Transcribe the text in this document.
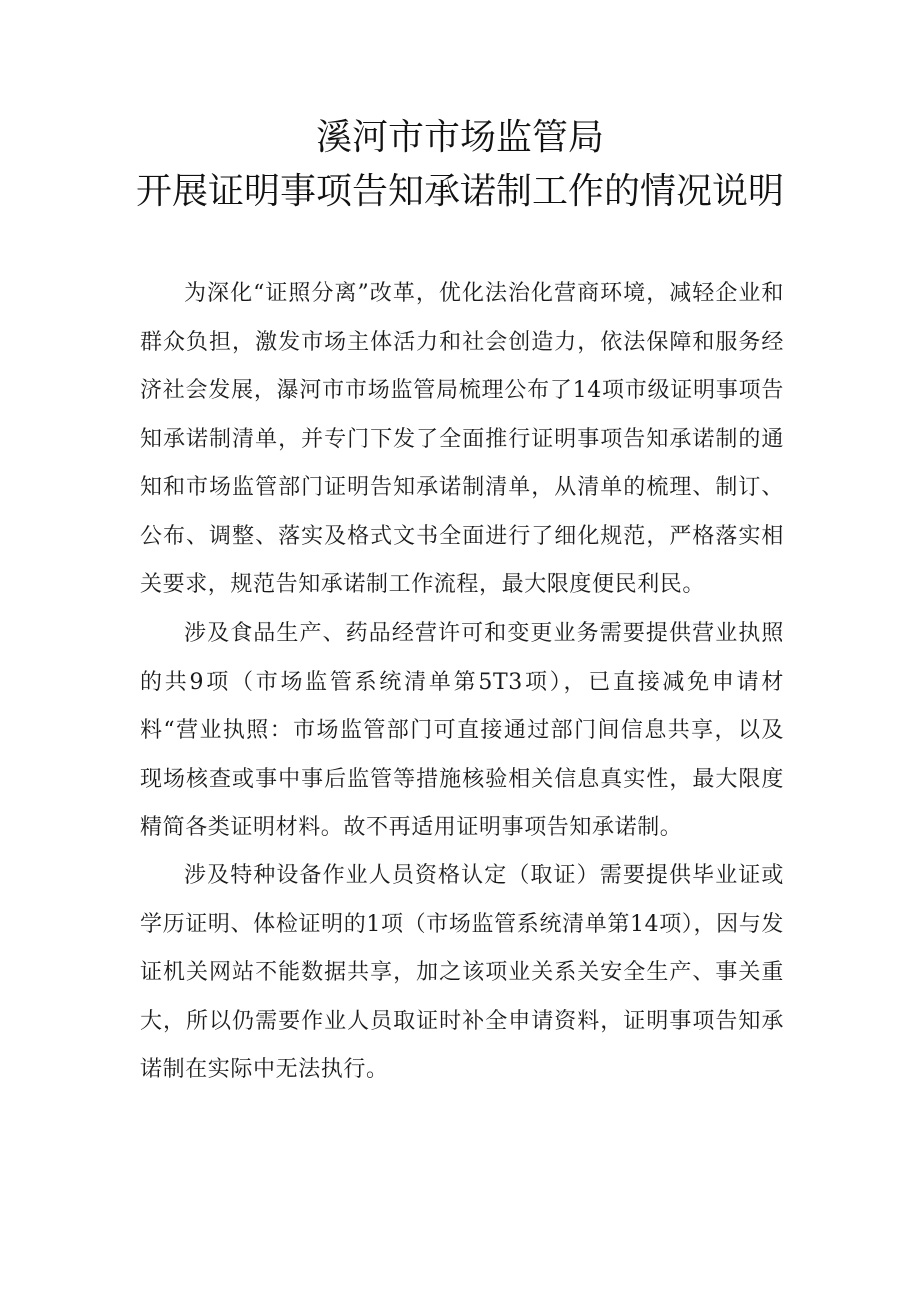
溪河市市场监管局
开展证明事项告知承诺制工作的情况说明

为深化“证照分离”改革，优化法治化营商环境，减轻企业和群众负担，激发市场主体活力和社会创造力，依法保障和服务经济社会发展，瀑河市市场监管局梳理公布了14项市级证明事项告知承诺制清单，并专门下发了全面推行证明事项告知承诺制的通知和市场监管部门证明告知承诺制清单，从清单的梳理、制订、公布、调整、落实及格式文书全面进行了细化规范，严格落实相关要求，规范告知承诺制工作流程，最大限度便民利民。

涉及食品生产、药品经营许可和变更业务需要提供营业执照的共9项（市场监管系统清单第5T3项），已直接减免申请材料“营业执照：市场监管部门可直接通过部门间信息共享，以及现场核查或事中事后监管等措施核验相关信息真实性，最大限度精简各类证明材料。故不再适用证明事项告知承诺制。

涉及特种设备作业人员资格认定（取证）需要提供毕业证或学历证明、体检证明的1项（市场监管系统清单第14项），因与发证机关网站不能数据共享，加之该项业关系关安全生产、事关重大，所以仍需要作业人员取证时补全申请资料，证明事项告知承诺制在实际中无法执行。
